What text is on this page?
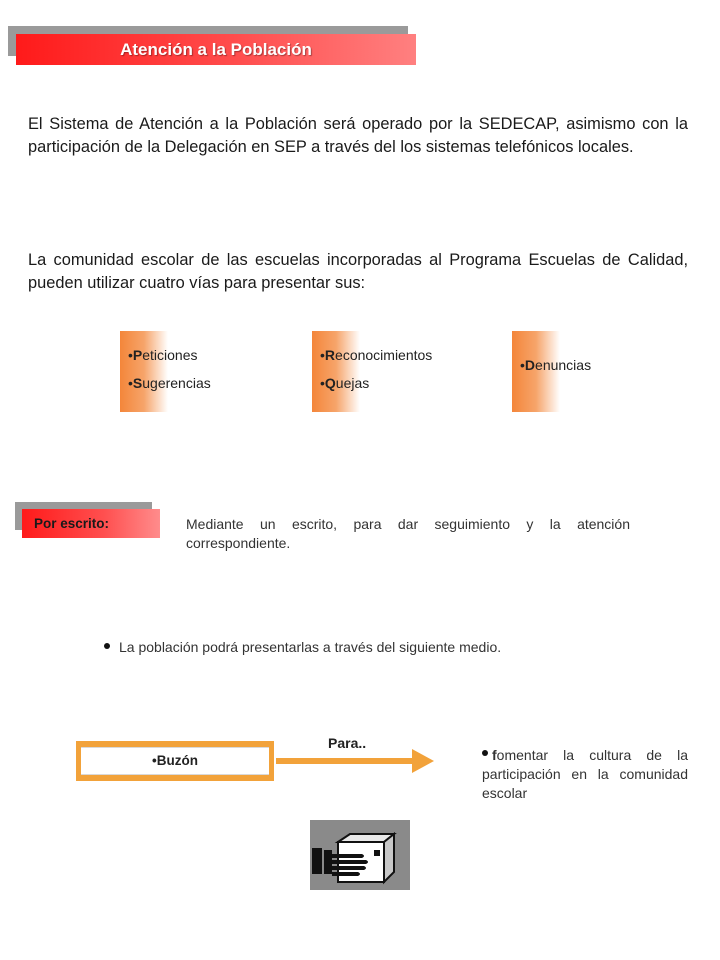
Atención a la Población
El Sistema de Atención a la Población será operado por la SEDECAP, asimismo con la participación de la Delegación en SEP a través del los sistemas telefónicos locales.
La comunidad escolar de las escuelas incorporadas al Programa Escuelas de Calidad, pueden utilizar cuatro vías para presentar sus:
•Peticiones
•Sugerencias
•Reconocimientos
•Quejas
•Denuncias
Por escrito:	Mediante un escrito, para dar seguimiento y la atención correspondiente.
La población podrá presentarlas a través del siguiente medio.
•Buzón
Para..
fomentar la cultura de la participación en la comunidad escolar
